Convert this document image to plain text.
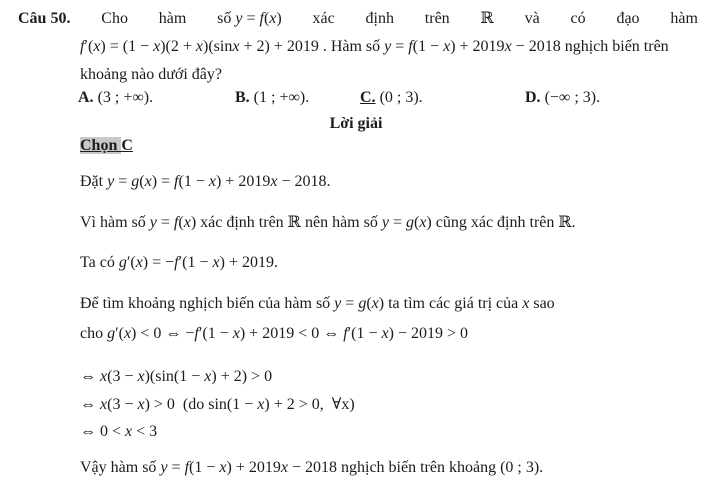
Câu 50. Cho hàm số y = f(x) xác định trên ℝ và có đạo hàm
f′(x) = (1 − x)(2 + x)(sinx + 2) + 2019 . Hàm số y = f(1 − x) + 2019x − 2018 nghịch biến trên
khoảng nào dưới đây?
A. (3 ; +∞).	B. (1 ; +∞).	C. (0 ; 3).	D. (−∞ ; 3).
Lời giải
Chọn C
Đặt y = g(x) = f(1 − x) + 2019x − 2018.
Vì hàm số y = f(x) xác định trên ℝ nên hàm số y = g(x) cũng xác định trên ℝ.
Ta có g′(x) = −f′(1 − x) + 2019.
Để tìm khoảng nghịch biến của hàm số y = g(x) ta tìm các giá trị của x sao
cho g′(x) < 0 ⇔ −f′(1 − x) + 2019 < 0 ⇔ f′(1 − x) − 2019 > 0
⇔ x(3 − x)(sin(1 − x) + 2) > 0
⇔ x(3 − x) > 0  (do sin(1 − x) + 2 > 0,  ∀x)
⇔ 0 < x < 3
Vậy hàm số y = f(1 − x) + 2019x − 2018 nghịch biến trên khoảng (0 ; 3).
